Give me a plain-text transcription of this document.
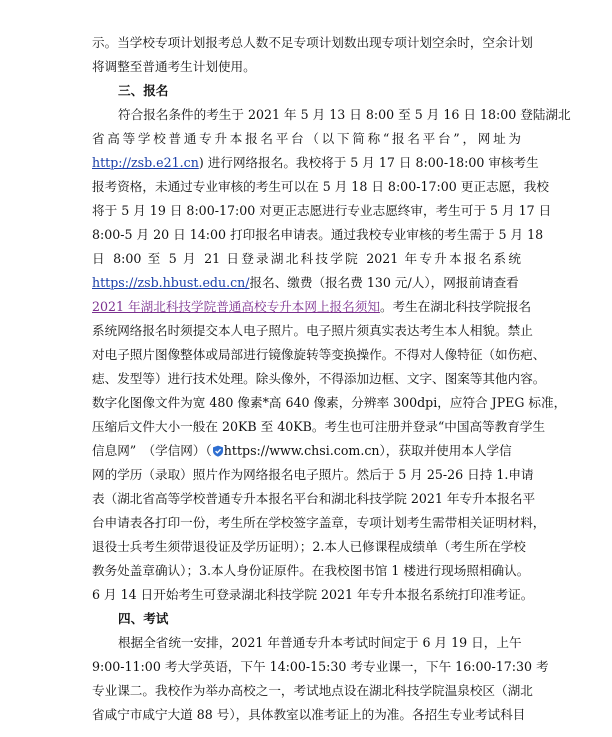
示。当学校专项计划报考总人数不足专项计划数出现专项计划空余时，空余计划
将调整至普通考生计划使用。
三、报名
符合报名条件的考生于 2021 年 5 月 13 日 8:00 至 5 月 16 日 18:00 登陆湖北
省高等学校普通专升本报名平台（以下简称“报名平台”，网址为
http://zsb.e21.cn) 进行网络报名。我校将于 5 月 17 日 8:00-18:00 审核考生
报考资格，未通过专业审核的考生可以在 5 月 18 日 8:00-17:00 更正志愿，我校
将于 5 月 19 日 8:00-17:00 对更正志愿进行专业志愿终审，考生可于 5 月 17 日
8:00-5 月 20 日 14:00 打印报名申请表。通过我校专业审核的考生需于 5 月 18
日 8:00 至 5 月 21 日登录湖北科技学院 2021 年专升本报名系统
https://zsb.hbust.edu.cn/报名、缴费（报名费 130 元/人），网报前请查看
2021 年湖北科技学院普通高校专升本网上报名须知。考生在湖北科技学院报名
系统网络报名时须提交本人电子照片。电子照片须真实表达考生本人相貌。禁止
对电子照片图像整体或局部进行镜像旋转等变换操作。不得对人像特征（如伤疤、
痣、发型等）进行技术处理。除头像外，不得添加边框、文字、图案等其他内容。
数字化图像文件为宽 480 像素*高 640 像素，分辨率 300dpi，应符合 JPEG 标准，
压缩后文件大小一般在 20KB 至 40KB。考生也可注册并登录“中国高等教育学生
信息网”　（学信网）（ https://www.chsi.com.cn），获取并使用本人学信
网的学历（录取）照片作为网络报名电子照片。然后于 5 月 25-26 日持 1.申请
表（湖北省高等学校普通专升本报名平台和湖北科技学院 2021 年专升本报名平
台申请表各打印一份，考生所在学校签字盖章，专项计划考生需带相关证明材料，
退役士兵考生须带退役证及学历证明）；2.本人已修课程成绩单（考生所在学校
教务处盖章确认）；3.本人身份证原件。在我校图书馆 1 楼进行现场照相确认。
6 月 14 日开始考生可登录湖北科技学院 2021 年专升本报名系统打印准考证。
四、考试
根据全省统一安排，2021 年普通专升本考试时间定于 6 月 19 日，上午
9:00-11:00 考大学英语，下午 14:00-15:30 考专业课一，下午 16:00-17:30 考
专业课二。我校作为举办高校之一，考试地点设在湖北科技学院温泉校区（湖北
省咸宁市咸宁大道 88 号），具体教室以准考证上的为准。各招生专业考试科目
